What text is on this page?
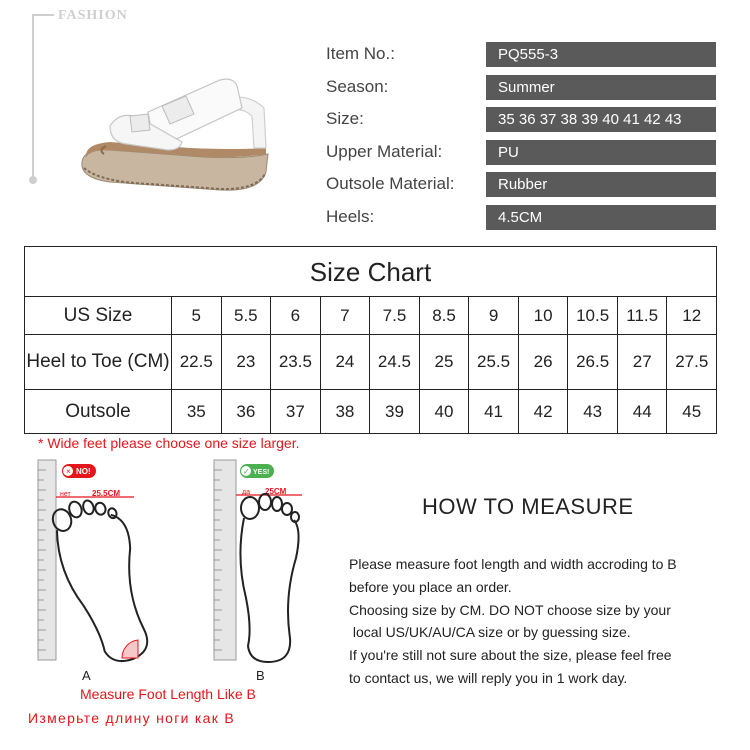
FASHION
Item No.:	PQ555-3
Season:	Summer
Size:	35 36 37 38 39 40 41 42 43
Upper Material:	PU
Outsole Material:	Rubber
Heels:	4.5CM
Size Chart
US Size	5	5.5	6	7	7.5	8.5	9	10	10.5	11.5	12
Heel to Toe (CM) 22.5	23	23.5	24	24.5	25	25.5	26	26.5	27	27.5
Outsole	35	36	37	38	39	40	41	42	43	44	45
* Wide feet please choose one size larger.
нет	25.5CM
× NO!
A
да 25CM
✓ YES!
B
Measure Foot Length Like B
Измерьте длину ноги как В
HOW TO MEASURE
Please measure foot length and width accroding to B
before you place an order.
Choosing size by CM. DO NOT choose size by your
local US/UK/AU/CA size or by guessing size.
If you're still not sure about the size, please feel free
to contact us, we will reply you in 1 work day.
